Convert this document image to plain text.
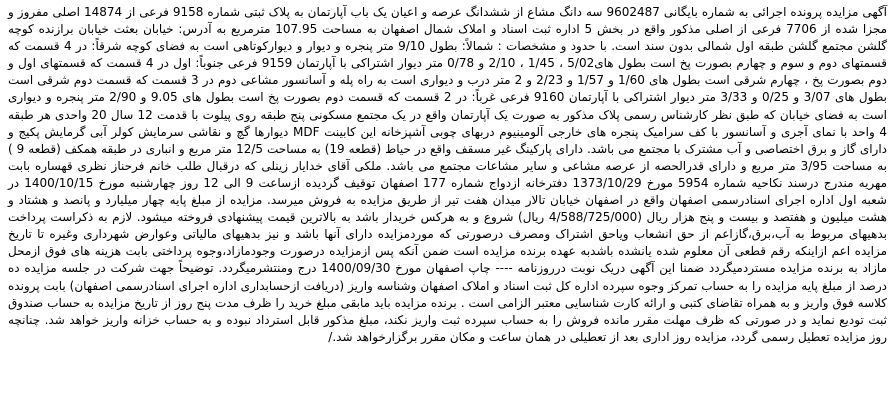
آگهی مزایده پرونده اجرائی به شماره بایگانی 9602487 سه دانگ مشاع از ششدانگ عرصه و اعیان یک باب آپارتمان به پلاک ثبتی شماره 9158 فرعی از 14874 اصلی مفروز و مجزا شده از 7706 فرعی از اصلی مذکور واقع در بخش 5 اداره ثبت اسناد و املاک شمال اصفهان به مساحت 107.95 مترمربع به آدرس: خیابان بعثت خیابان برازنده کوچه گلشن مجتمع گلشن طبقه اول شمالی بدون سند است. با حدود و مشخصات : شمالاً: بطول 9/10 متر پنجره و دیوار و دیوارکوتاهی است به فضای کوچه شرقاً: در 4 قسمت که قسمتهای دوم و سوم و چهارم بصورت پخ است بطول های5/02 ، 1/45 ، 2/10 و 0/78 متر دیوار اشتراکی با آپارتمان 9159 فرعی جنوباً: اول در 4 قسمت که قسمتهای اول و دوم بصورت پخ ، چهارم شرقی است بطول های 1/60 و 1/57 و 2/23 و 2 متر درب و دیواری است به راه پله و آسانسور مشاعی دوم در 3 قسمت که قسمت دوم شرقی است بطول های 3/07 و 0/25 و 3/33 متر دیوار اشتراکی با آپارتمان 9160 فرعی غرباً: در 2 قسمت که قسمت دوم بصورت پخ است بطول های 9.05 و 2/90 متر پنجره و دیواری است به فضای خیابان که طبق نظر کارشناس رسمی پلاک مذکور به صورت یک آپارتمان واقع در یک مجتمع مسکونی پنج طبقه روی پیلوت با قدمت 12 سال 20 واحدی هر طبقه 4 واحد با نمای آجری و آسانسور با کف سرامیک پنجره های خارجی آلومینیوم دربهای چوبی آشپزخانه این کابینت MDF دیوارها گچ و نقاشی سرمایش کولر آبی گرمایش پکیج و دارای گاز و برق اختصاصی و آب مشترک با مجتمع می باشد. دارای پارکینگ غیر مسقف واقع در حیاط (قطعه 19) به مساحت 12/5 متر مربع و انباری در طبقه همکف (قطعه 9 ) به مساحت 3/95 متر مربع و دارای قدرالحصه از عرصه مشاعی و سایر مشاعات مجتمع می باشد. ملکی آقای خدایار زینلی که درقبال طلب خانم فرحناز نظری قهساره بابت مهریه مندرج درسند نکاحیه شماره 5954 مورخ 1373/10/29 دفترخانه ازدواج شماره 177 اصفهان توقیف گردیده ازساعت 9 الی 12 روز چهارشنبه مورخ 1400/10/15 در شعبه اول اداره اجرای اسنادرسمی اصفهان واقع در اصفهان خیابان تالار میدان هفت تیر از طریق مزایده به فروش میرسد. مزایده از مبلغ پایه چهار میلیارد و پانصد و هشتاد و هشت میلیون و هفتصد و بیست و پنج هزار ریال (4/588/725/000 ریال) شروع و به هرکس خریدار باشد به بالاترین قیمت پیشنهادی فروخته میشود. لازم به ذکراست پرداخت بدهیهای مربوط به آب،برق،گازاعم از حق انشعاب ویاحق اشتراک ومصرف درصورتی که موردمزایده دارای آنها باشد و نیز بدهیهای مالیاتی وعوارض شهرداری وغیره تا تاریخ مزایده اعم ازاینکه رقم قطعی آن معلوم شده یانشده باشدبه عهده برنده مزایده است ضمن آنکه پس ازمزایده درصورت وجودمازاد،وجوه پرداختی بابت هزینه های فوق ازمحل مازاد به برنده مزایده مستردمیگردد ضمنا این آگهی دریک نوبت درروزنامه ---- چاپ اصفهان مورخ 1400/09/30 درج ومنتشرمیگردد. توضیحاً جهت شرکت در جلسه مزایده ده درصد از مبلغ پایه مزایده را به حساب تمرکز وجوه سپرده اداره کل ثبت اسناد و املاک اصفهان وشناسه واریز (دریافت ازحسابداری اداره اجرای اسنادرسمی اصفهان) بابت پرونده کلاسه فوق واریز و به همراه تقاضای کتبی و ارائه کارت شناسایی معتبر الزامی است . برنده مزایده باید مابقی مبلغ خرید را ظرف مدت پنج روز از تاریخ مزایده به حساب صندوق ثبت تودیع نماید و در صورتی که ظرف مهلت مقرر مانده فروش را به حساب سپرده ثبت واریز نکند، مبلغ مذکور قابل استرداد نبوده و به حساب خزانه واریز خواهد شد. چنانچه روز مزایده تعطیل رسمی گردد، مزایده روز اداری بعد از تعطیلی در همان ساعت و مکان مقرر برگزارخواهد شد./
